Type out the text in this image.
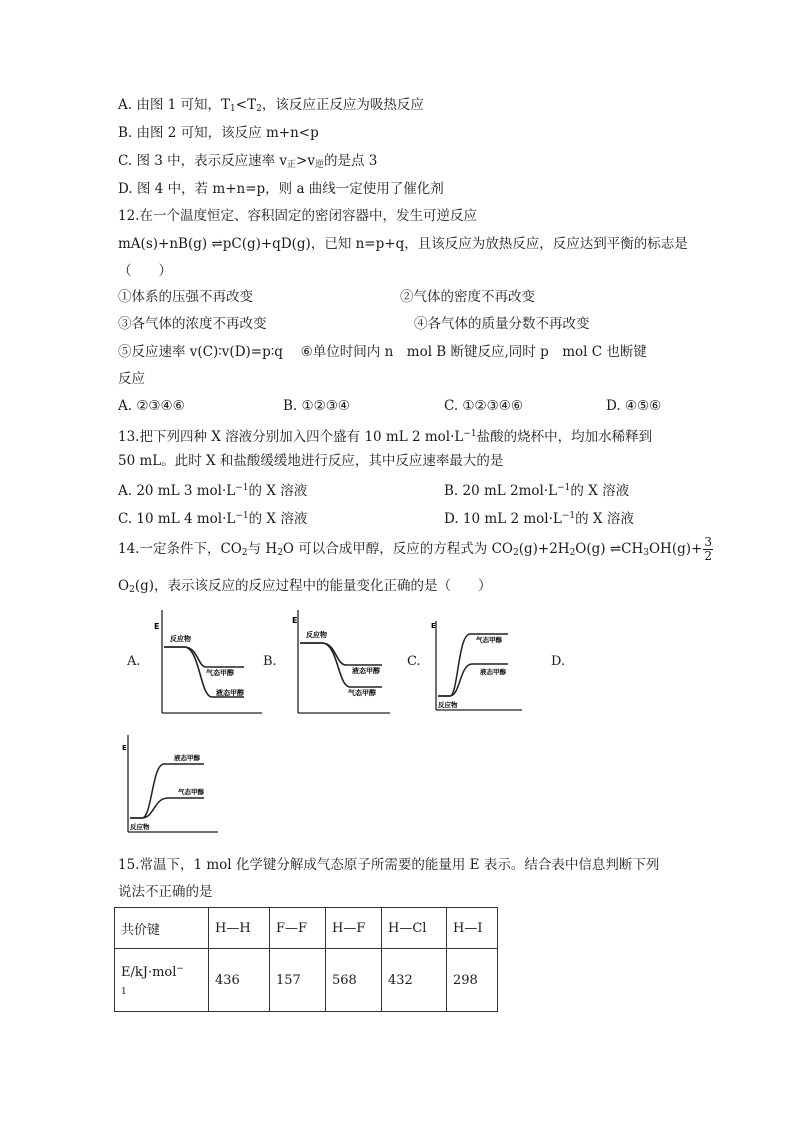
A. 由图 1 可知，$T_1<T_2$，该反应正反应为吸热反应
B. 由图 2 可知，该反应 m+n<p
C. 图 3 中，表示反应速率 $v_正>v_逆$的是点 3
D. 图 4 中，若 m+n=p，则 a 曲线一定使用了催化剂
12.在一个温度恒定、容积固定的密闭容器中，发生可逆反应
mA(s)+nB(g) ⇌pC(g)+qD(g)，已知 n=p+q，且该反应为放热反应，反应达到平衡的标志是
（　　）
①体系的压强不再改变	②气体的密度不再改变
③各气体的浓度不再改变	④各气体的质量分数不再改变
⑤反应速率 v(C)∶v(D)=p∶q　 ⑥单位时间内 n　mol B 断键反应,同时 p　mol C 也断键
反应
A. ②③④⑥	B. ①②③④	C. ①②③④⑥	D. ④⑤⑥
13.把下列四种 X 溶液分别加入四个盛有 10 mL 2 $mol\cdot L^{-1}$盐酸的烧杯中，均加水稀释到
50 mL。此时 X 和盐酸缓缓地进行反应，其中反应速率最大的是
A. 20 mL 3 $mol\cdot L^{-1}$的 X 溶液	B. 20 mL $2mol\cdot L^{-1}$的 X 溶液
C. 10 mL 4 $mol\cdot L^{-1}$的 X 溶液	D. 10 mL 2 $mol\cdot L^{-1}$的 X 溶液
14.一定条件下，$CO_2$与 $H_2O$ 可以合成甲醇，反应的方程式为 $CO_2(g)+2H_2O(g)$ $\rightleftharpoons CH_3OH(g)+ \frac{3}{2}$
$O_2(g)$，表示该反应的反应过程中的能量变化正确的是（　　）
A.	B.	C.	D.
E
反应物
气态甲醇
液态甲醇
E
反应物
液态甲醇
气态甲醇
E
反应物
气态甲醇
液态甲醇
E
反应物
液态甲醇
气态甲醇
15.常温下，1 mol 化学键分解成气态原子所需要的能量用 E 表示。结合表中信息判断下列
说法不正确的是
共价键	H—H	F—F	H—F	H—Cl	H—I
E/kJ·mol−
1	436	157	568	432	298
